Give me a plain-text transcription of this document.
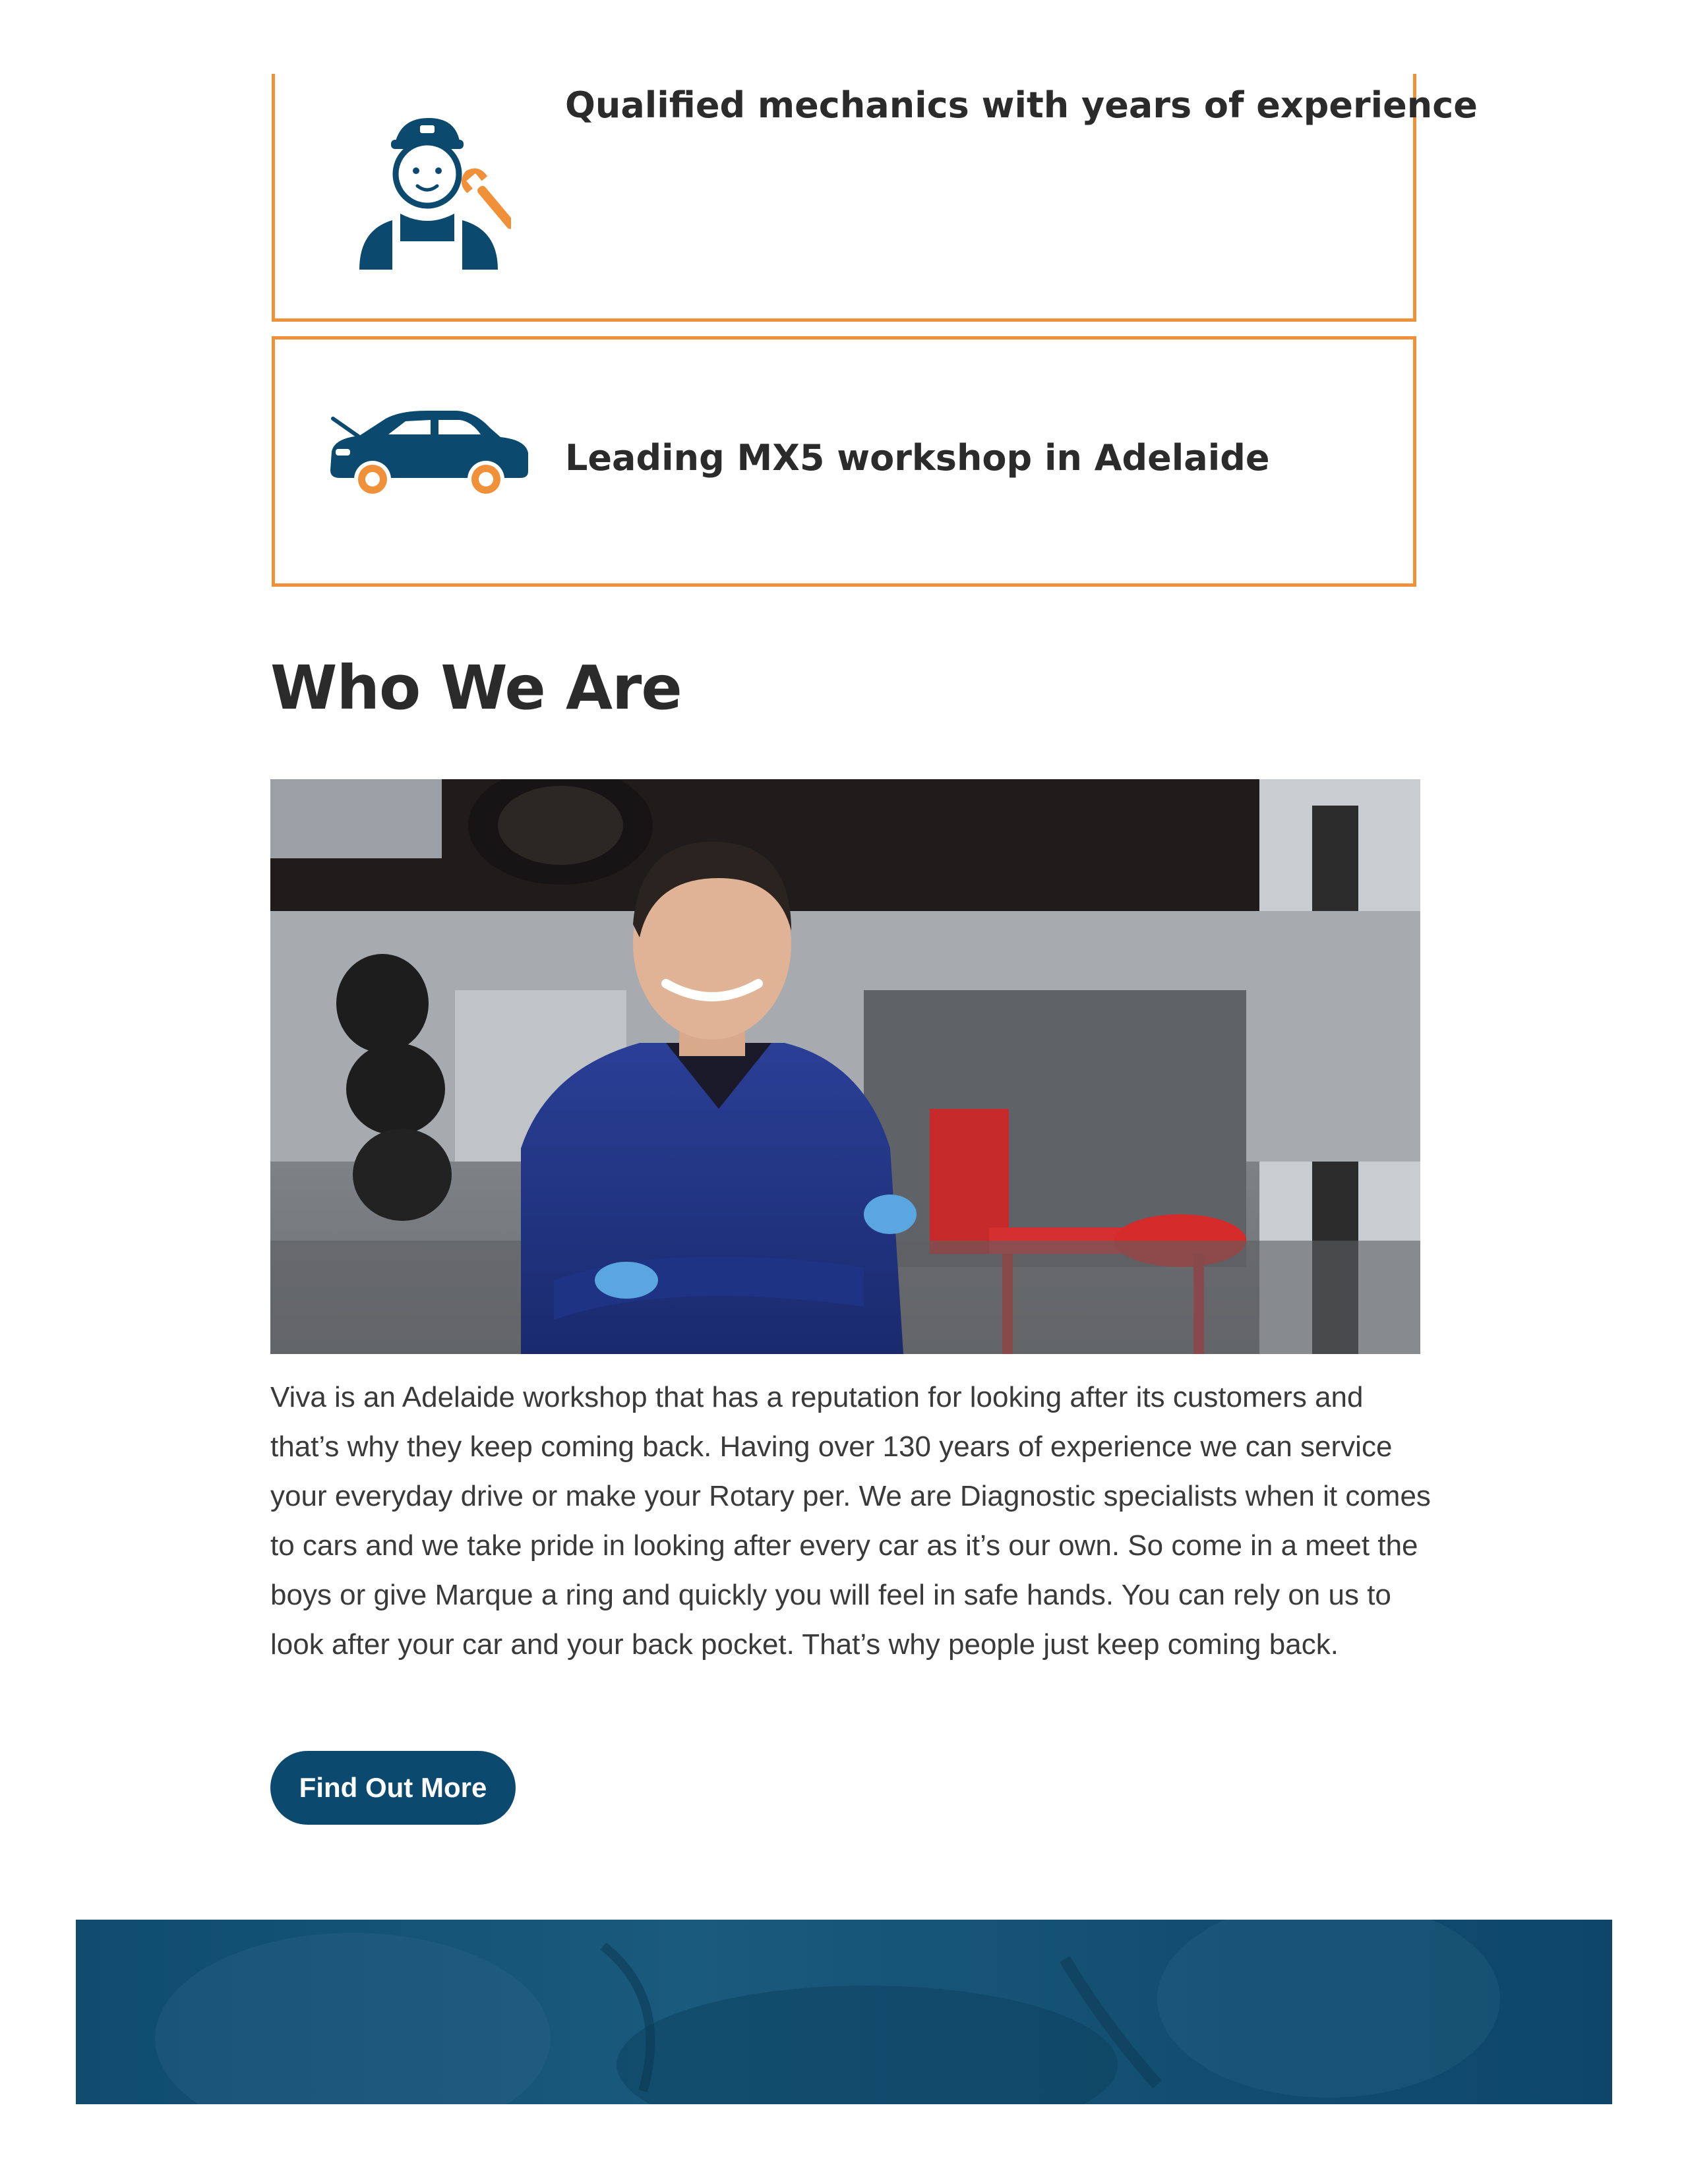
Qualified mechanics with years of experience
Leading MX5 workshop in Adelaide
Who We Are

Viva is an Adelaide workshop that has a reputation for looking after its customers and that’s why they keep coming back. Having over 130 years of experience we can service your everyday drive or make your Rotary per. We are Diagnostic specialists when it comes to cars and we take pride in looking after every car as it’s our own. So come in a meet the boys or give Marque a ring and quickly you will feel in safe hands. You can rely on us to look after your car and your back pocket. That’s why people just keep coming back.

Find Out More
